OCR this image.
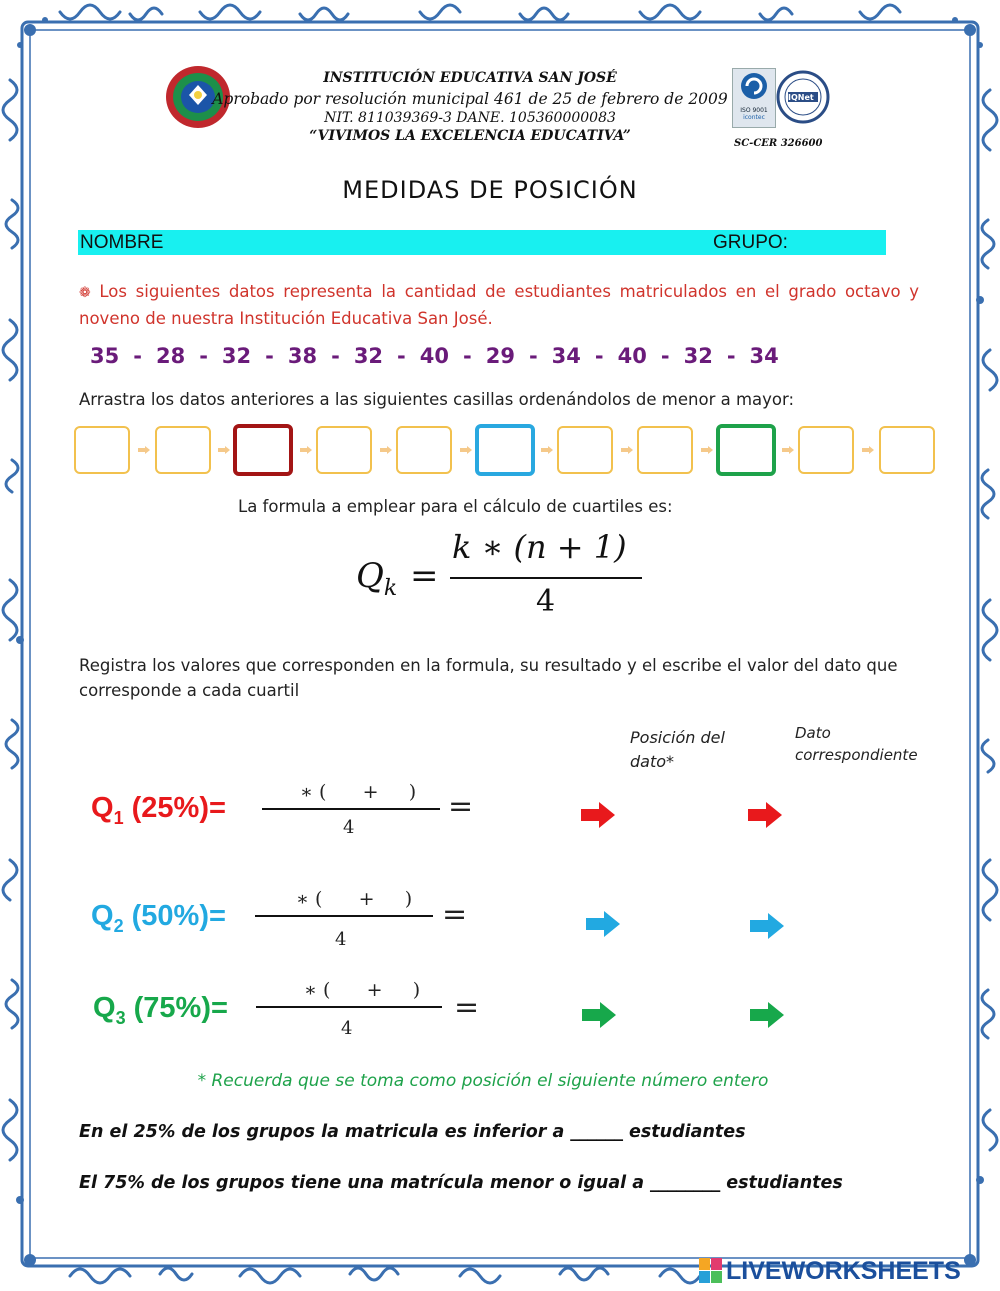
INSTITUCIÓN EDUCATIVA SAN JOSÉ
Aprobado por resolución municipal 461 de 25 de febrero de 2009
NIT. 811039369-3 DANE. 105360000083
“VIVIMOS LA EXCELENCIA EDUCATIVA”
ISO 9001
icontec
IQNet
SC-CER 326600
MEDIDAS DE POSICIÓN
NOMBRE	GRUPO:
❁ Los siguientes datos representa la cantidad de estudiantes matriculados en el grado octavo y noveno de nuestra Institución Educativa San José.
35 - 28 - 32 - 38 - 32 - 40 - 29 - 34 - 40 - 32 - 34
Arrastra los datos anteriores a las siguientes casillas ordenándolos de menor a mayor:
La formula a emplear para el cálculo de cuartiles es:
$Q_k$ =
k ∗ (n + 1)
4
Registra los valores que corresponden en la formula, su resultado y el escribe el valor del dato que corresponde a cada cuartil
Posición del dato*
Dato correspondiente
$Q_1$ (25%)=	∗ (      +     )
4
=
$Q_2$ (50%)=
∗ (      +     )
4
=
$Q_3$ (75%)=
∗ (      +     )
4
=
* Recuerda que se toma como posición el siguiente número entero
En el 25% de los grupos la matricula es inferior a ______ estudiantes
El 75% de los grupos tiene una matrícula menor o igual a ________ estudiantes
LIVEWORKSHEETS
